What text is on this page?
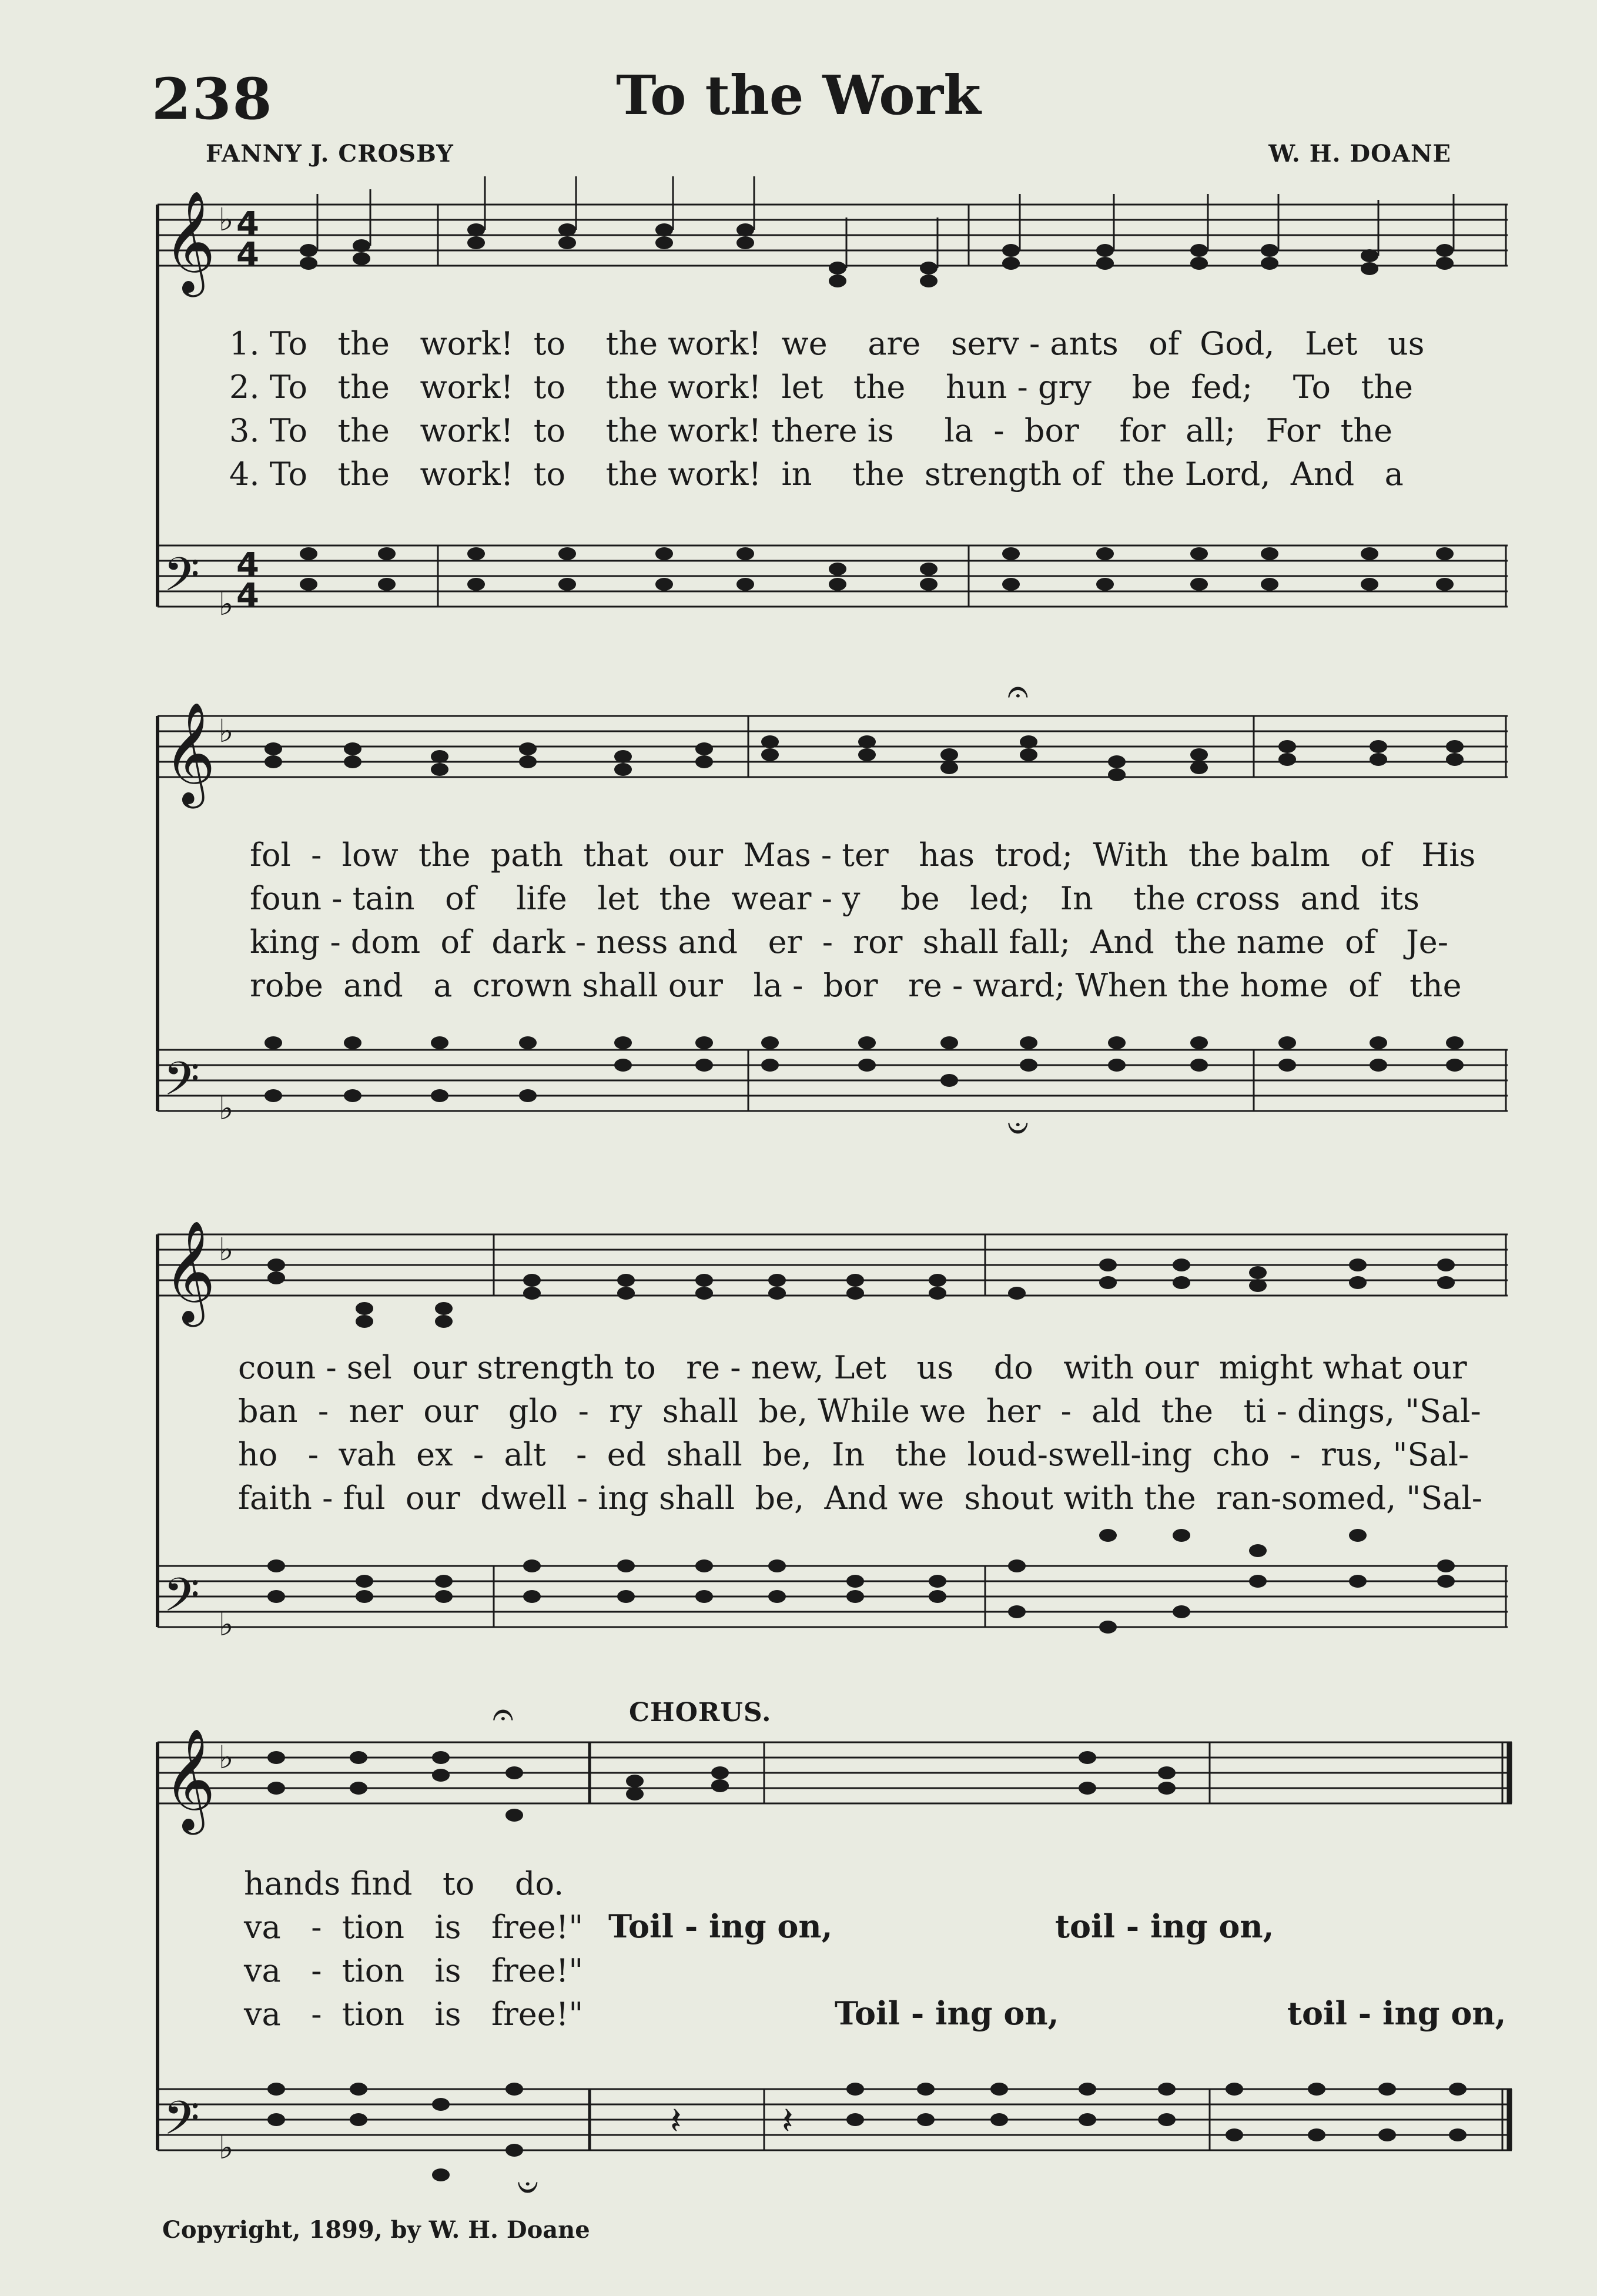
238	To the Work
FANNY J. CROSBY	W. H. DOANE
𝄞
𝄢
♭
♭
4
4
4
4
𝄞
𝄢
♭
♭
𝄞
𝄢
♭
♭
𝄞
𝄢
♭
♭
𝄐
𝄑
𝄐
𝄑
𝄽	𝄽
1. To   the   work!  to    the work!  we    are   serv - ants   of  God,   Let   us
2. To   the   work!  to    the work!  let   the    hun - gry    be  fed;    To   the
3. To   the   work!  to    the work! there is     la  -  bor    for  all;   For  the
4. To   the   work!  to    the work!  in    the  strength of  the Lord,  And   a
fol  -  low  the  path  that  our  Mas - ter   has  trod;  With  the balm   of   His
foun - tain   of    life   let  the  wear - y    be   led;   In    the cross  and  its
king - dom  of  dark - ness and   er  -  ror  shall fall;  And  the name  of   Je-
robe  and   a  crown shall our   la -  bor   re - ward; When the home  of   the
coun - sel  our strength to   re - new, Let   us    do   with our  might what our
ban  -  ner  our   glo  -  ry  shall  be, While we  her  -  ald  the   ti - dings, "Sal-
ho   -  vah  ex  -  alt   -  ed  shall  be,  In   the  loud-swell-ing  cho  -  rus, "Sal-
faith - ful  our  dwell - ing shall  be,  And we  shout with the  ran-somed, "Sal-
CHORUS.
hands find   to    do.
va   -  tion   is   free!"
va   -  tion   is   free!"
va   -  tion   is   free!"
Toil - ing on,	toil - ing on,
Toil - ing on,	toil - ing on,
Copyright, 1899, by W. H. Doane
